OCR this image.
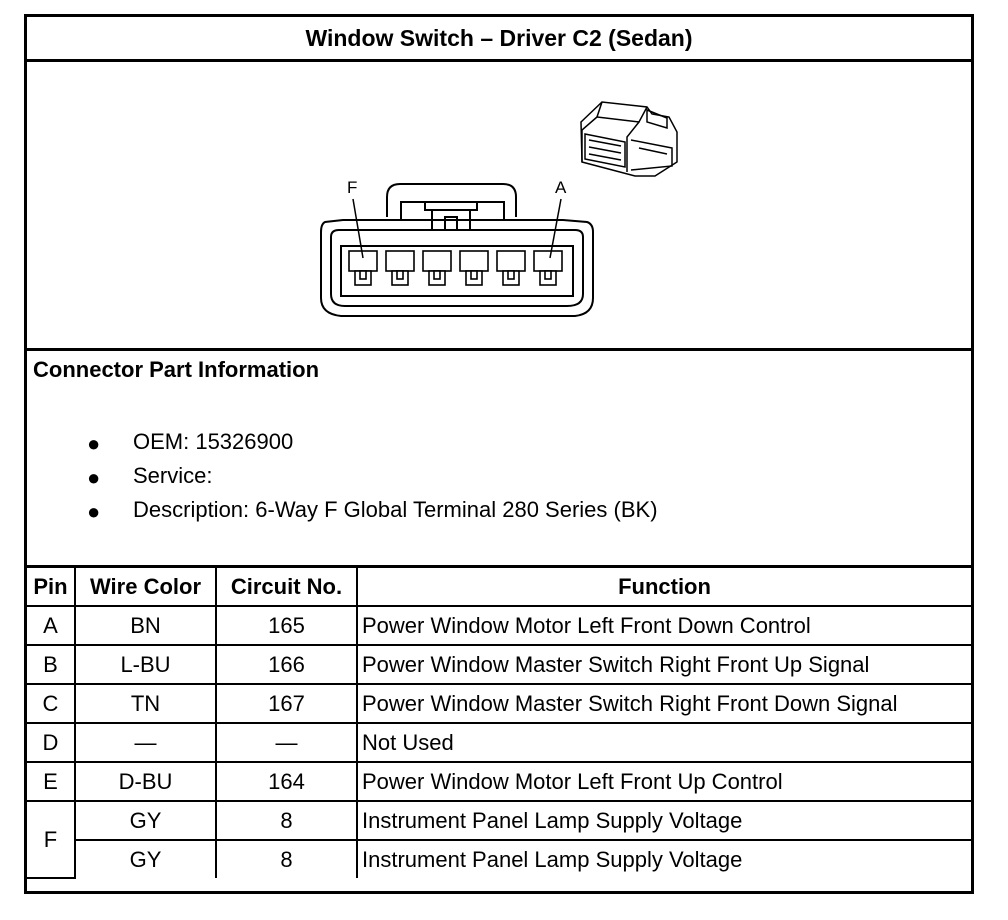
Window Switch – Driver C2 (Sedan)
F	A
Connector Part Information
● OEM: 15326900
● Service:
● Description: 6-Way F Global Terminal 280 Series (BK)
Pin	Wire Color	Circuit No.	Function
A	BN	165	Power Window Motor Left Front Down Control
B	L-BU	166	Power Window Master Switch Right Front Up Signal
C	TN	167	Power Window Master Switch Right Front Down Signal
D	—	—	Not Used
E	D-BU	164	Power Window Motor Left Front Up Control
F	GY	8	Instrument Panel Lamp Supply Voltage
	GY	8	Instrument Panel Lamp Supply Voltage
